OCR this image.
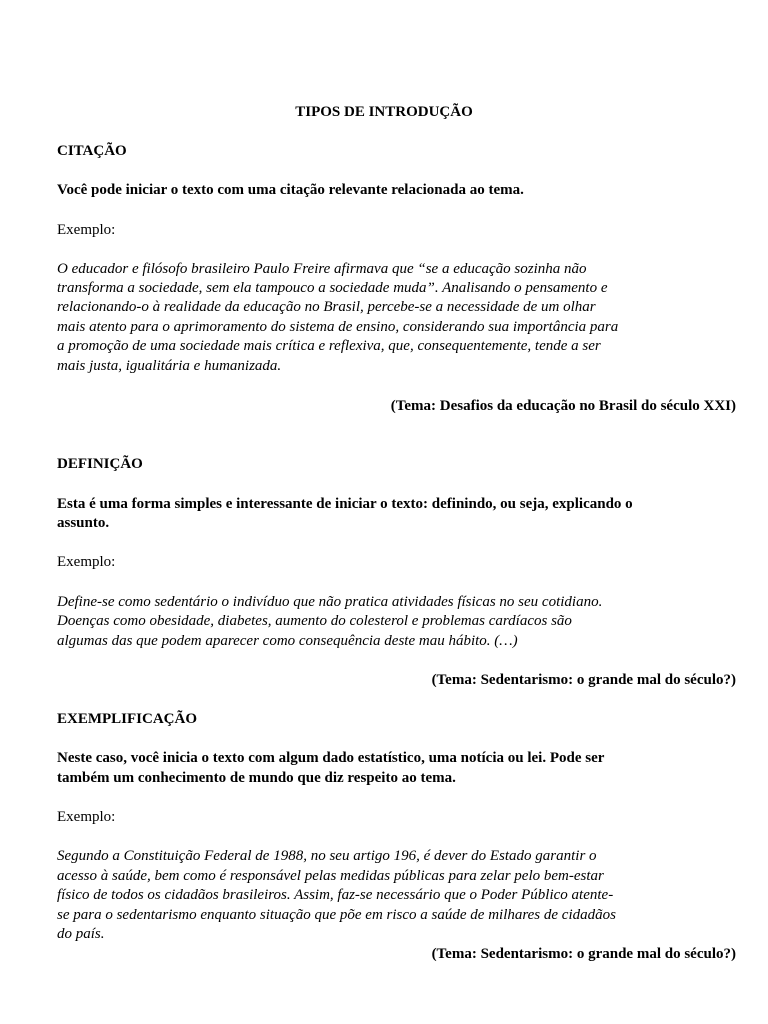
TIPOS DE INTRODUÇÃO
CITAÇÃO
Você pode iniciar o texto com uma citação relevante relacionada ao tema.
Exemplo:
O educador e filósofo brasileiro Paulo Freire afirmava que “se a educação sozinha não
transforma a sociedade, sem ela tampouco a sociedade muda”. Analisando o pensamento e
relacionando-o à realidade da educação no Brasil, percebe-se a necessidade de um olhar
mais atento para o aprimoramento do sistema de ensino, considerando sua importância para
a promoção de uma sociedade mais crítica e reflexiva, que, consequentemente, tende a ser
mais justa, igualitária e humanizada.
(Tema: Desafios da educação no Brasil do século XXI)
DEFINIÇÃO
Esta é uma forma simples e interessante de iniciar o texto: definindo, ou seja, explicando o
assunto.
Exemplo:
Define-se como sedentário o indivíduo que não pratica atividades físicas no seu cotidiano.
Doenças como obesidade, diabetes, aumento do colesterol e problemas cardíacos são
algumas das que podem aparecer como consequência deste mau hábito. (…)
(Tema: Sedentarismo: o grande mal do século?)
EXEMPLIFICAÇÃO
Neste caso, você inicia o texto com algum dado estatístico, uma notícia ou lei. Pode ser
também um conhecimento de mundo que diz respeito ao tema.
Exemplo:
Segundo a Constituição Federal de 1988, no seu artigo 196, é dever do Estado garantir o
acesso à saúde, bem como é responsável pelas medidas públicas para zelar pelo bem-estar
físico de todos os cidadãos brasileiros. Assim, faz-se necessário que o Poder Público atente-
se para o sedentarismo enquanto situação que põe em risco a saúde de milhares de cidadãos
do país.
(Tema: Sedentarismo: o grande mal do século?)
